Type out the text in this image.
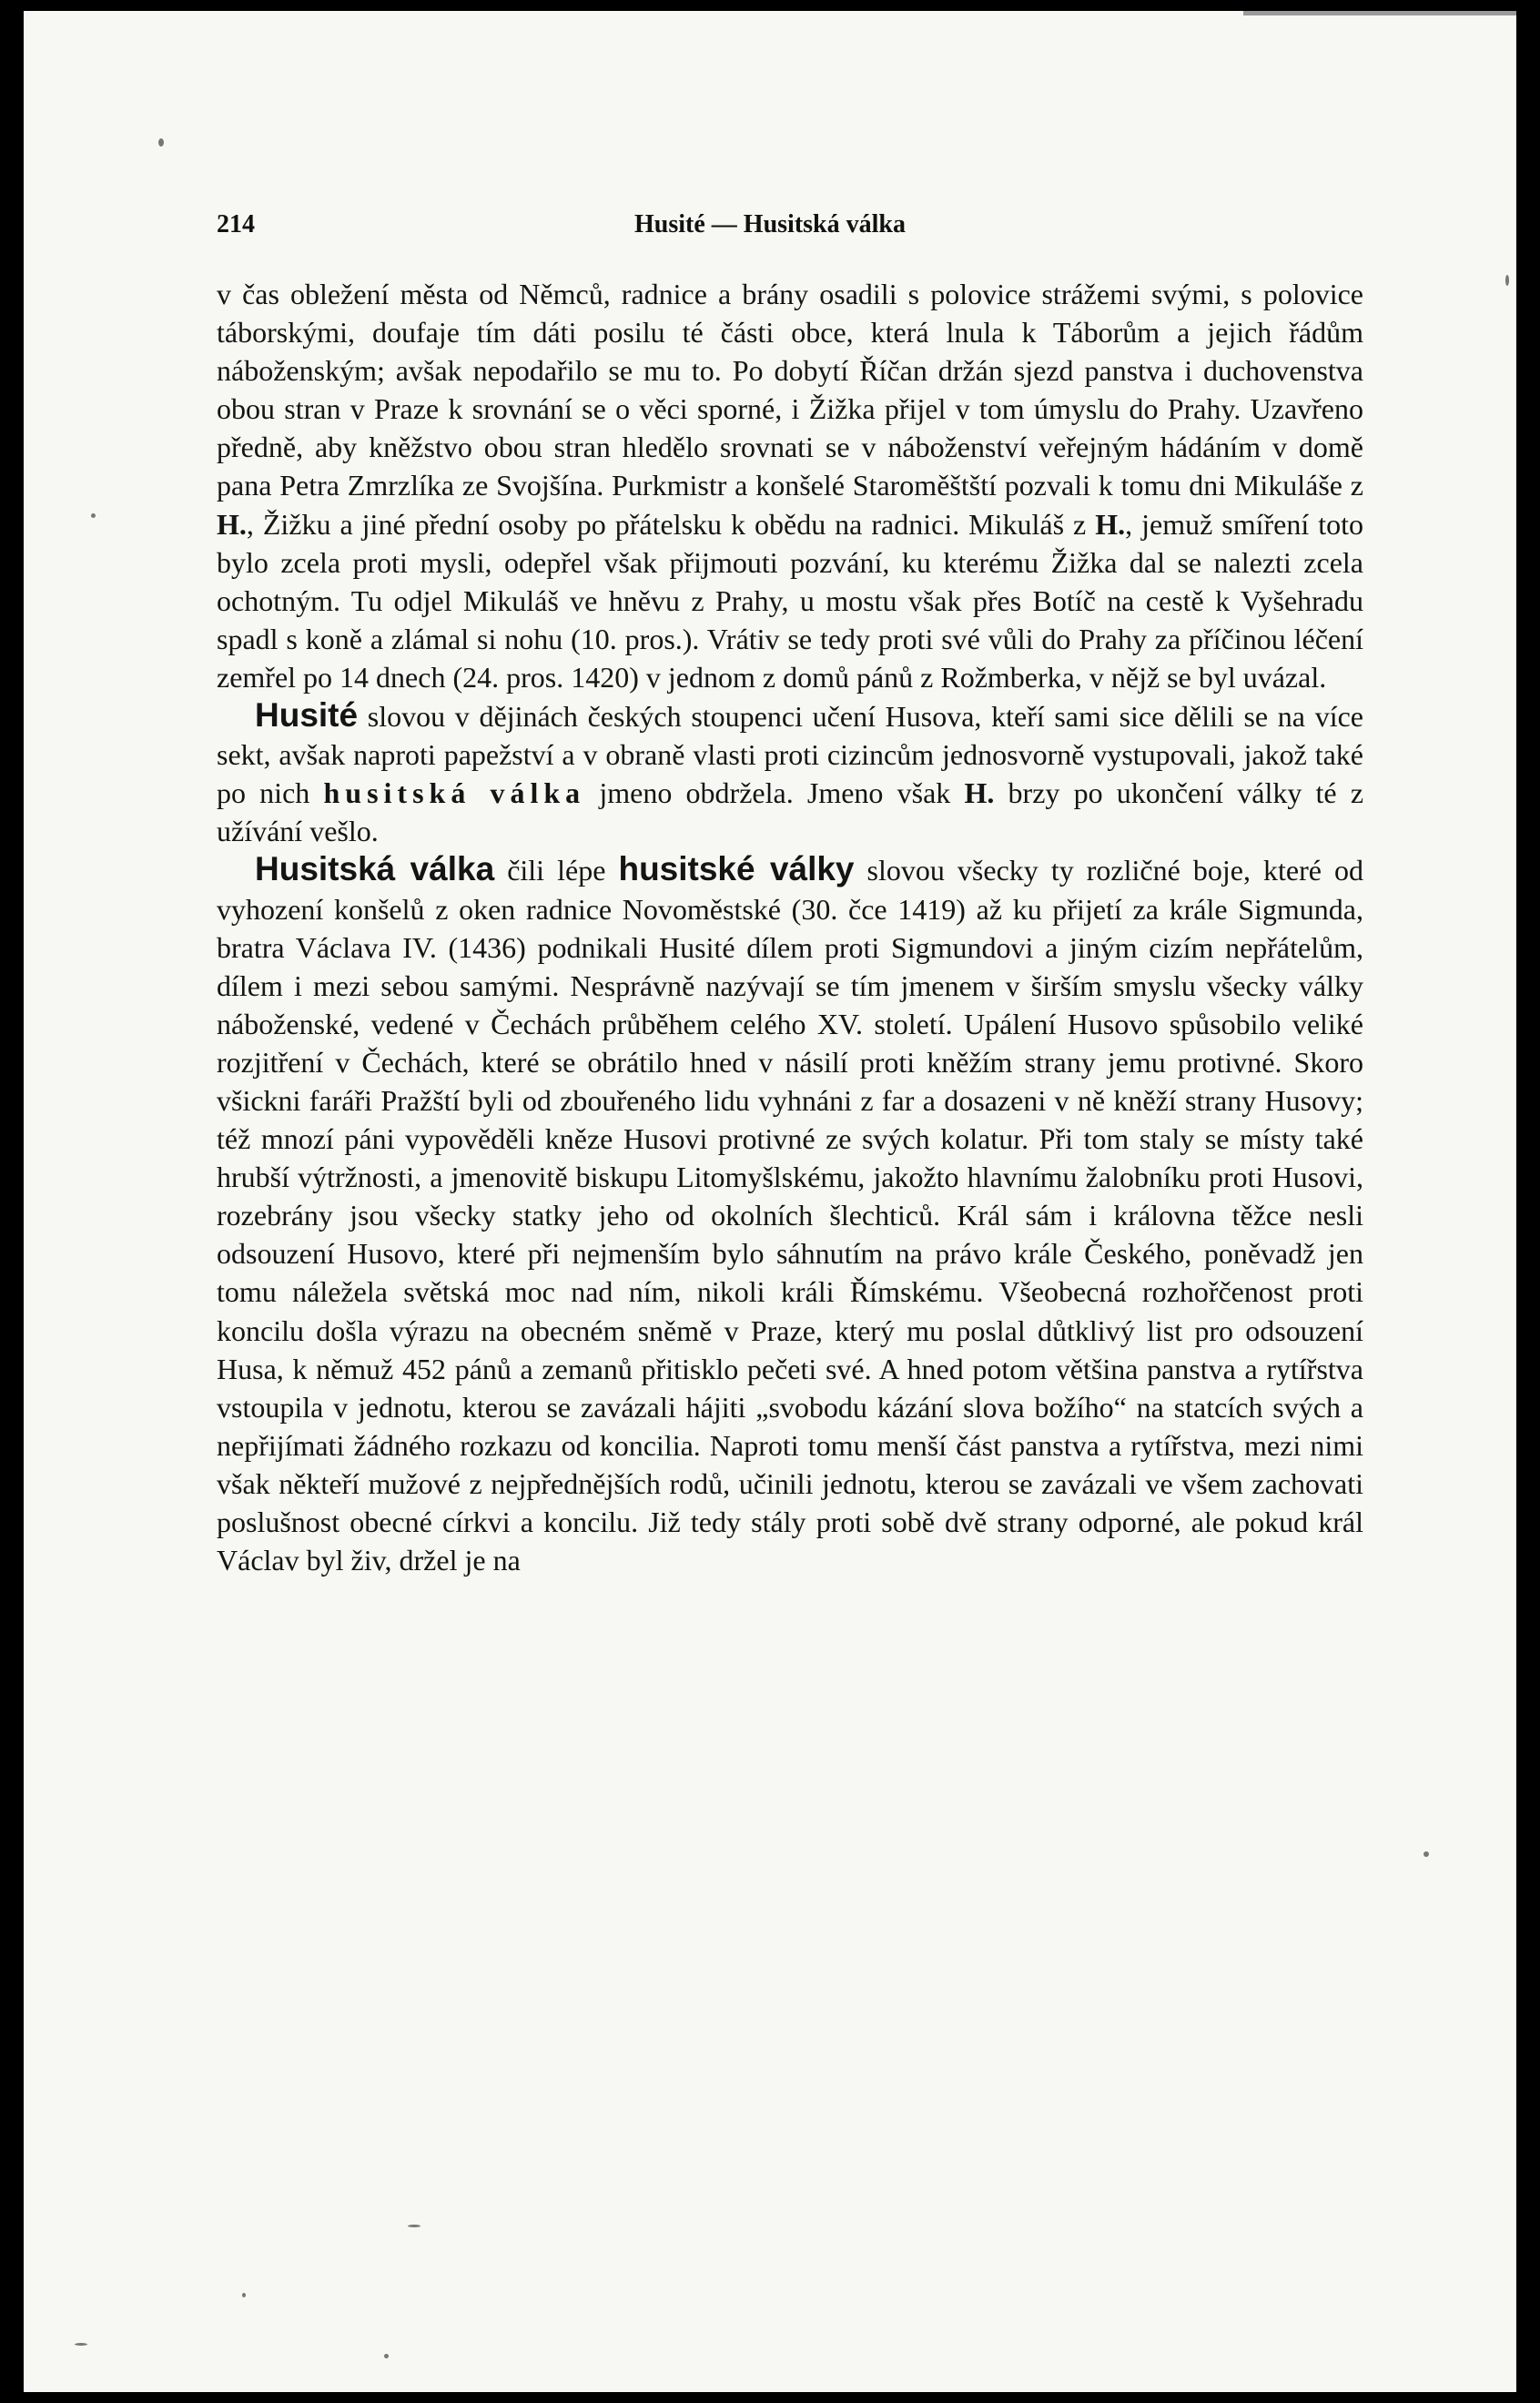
214	Husité — Husitská válka

v čas obležení města od Němců, radnice a brány osadili s polovice strážemi svými, s polovice táborskými, doufaje tím dáti posilu té části obce, která lnula k Táborům a jejich řádům náboženským; avšak nepodařilo se mu to. Po dobytí Říčan držán sjezd panstva i duchovenstva obou stran v Praze k srovnání se o věci sporné, i Žižka přijel v tom úmyslu do Prahy. Uzavřeno předně, aby kněžstvo obou stran hledělo srovnati se v náboženství veřejným hádáním v domě pana Petra Zmrzlíka ze Svojšína. Purkmistr a konšelé Staroměštští pozvali k tomu dni Mikuláše z H., Žižku a jiné přední osoby po přátelsku k obědu na radnici. Mikuláš z H., jemuž smíření toto bylo zcela proti mysli, odepřel však přijmouti pozvání, ku kterému Žižka dal se nalezti zcela ochotným. Tu odjel Mikuláš ve hněvu z Prahy, u mostu však přes Botíč na cestě k Vyšehradu spadl s koně a zlámal si nohu (10. pros.). Vrátiv se tedy proti své vůli do Prahy za příčinou léčení zemřel po 14 dnech (24. pros. 1420) v jednom z domů pánů z Rožmberka, v nějž se byl uvázal.

Husité slovou v dějinách českých stoupenci učení Husova, kteří sami sice dělili se na více sekt, avšak naproti papežství a v obraně vlasti proti cizincům jednosvorně vystupovali, jakož také po nich husitská válka jmeno obdržela. Jmeno však H. brzy po ukončení války té z užívání vešlo.

Husitská válka čili lépe husitské války slovou všecky ty rozličné boje, které od vyhození konšelů z oken radnice Novoměstské (30. čce 1419) až ku přijetí za krále Sigmunda, bratra Václava IV. (1436) podnikali Husité dílem proti Sigmundovi a jiným cizím nepřátelům, dílem i mezi sebou samými. Nesprávně nazývají se tím jmenem v širším smyslu všecky války náboženské, vedené v Čechách průběhem celého XV. století. Upálení Husovo spůsobilo veliké rozjitření v Čechách, které se obrátilo hned v násilí proti kněžím strany jemu protivné. Skoro všickni faráři Pražští byli od zbouřeného lidu vyhnáni z far a dosazeni v ně kněží strany Husovy; též mnozí páni vypověděli kněze Husovi protivné ze svých kolatur. Při tom staly se místy také hrubší výtržnosti, a jmenovitě biskupu Litomyšlskému, jakožto hlavnímu žalobníku proti Husovi, rozebrány jsou všecky statky jeho od okolních šlechticů. Král sám i královna těžce nesli odsouzení Husovo, které při nejmenším bylo sáhnutím na právo krále Českého, poněvadž jen tomu náležela světská moc nad ním, nikoli králi Římskému. Všeobecná rozhořčenost proti koncilu došla výrazu na obecném sněmě v Praze, který mu poslal důtklivý list pro odsouzení Husa, k němuž 452 pánů a zemanů přitisklo pečeti své. A hned potom většina panstva a rytířstva vstoupila v jednotu, kterou se zavázali hájiti „svobodu kázání slova božího“ na statcích svých a nepřijímati žádného rozkazu od koncilia. Naproti tomu menší část panstva a rytířstva, mezi nimi však někteří mužové z nejpřednějších rodů, učinili jednotu, kterou se zavázali ve všem zachovati poslušnost obecné církvi a koncilu. Již tedy stály proti sobě dvě strany odporné, ale pokud král Václav byl živ, držel je na
